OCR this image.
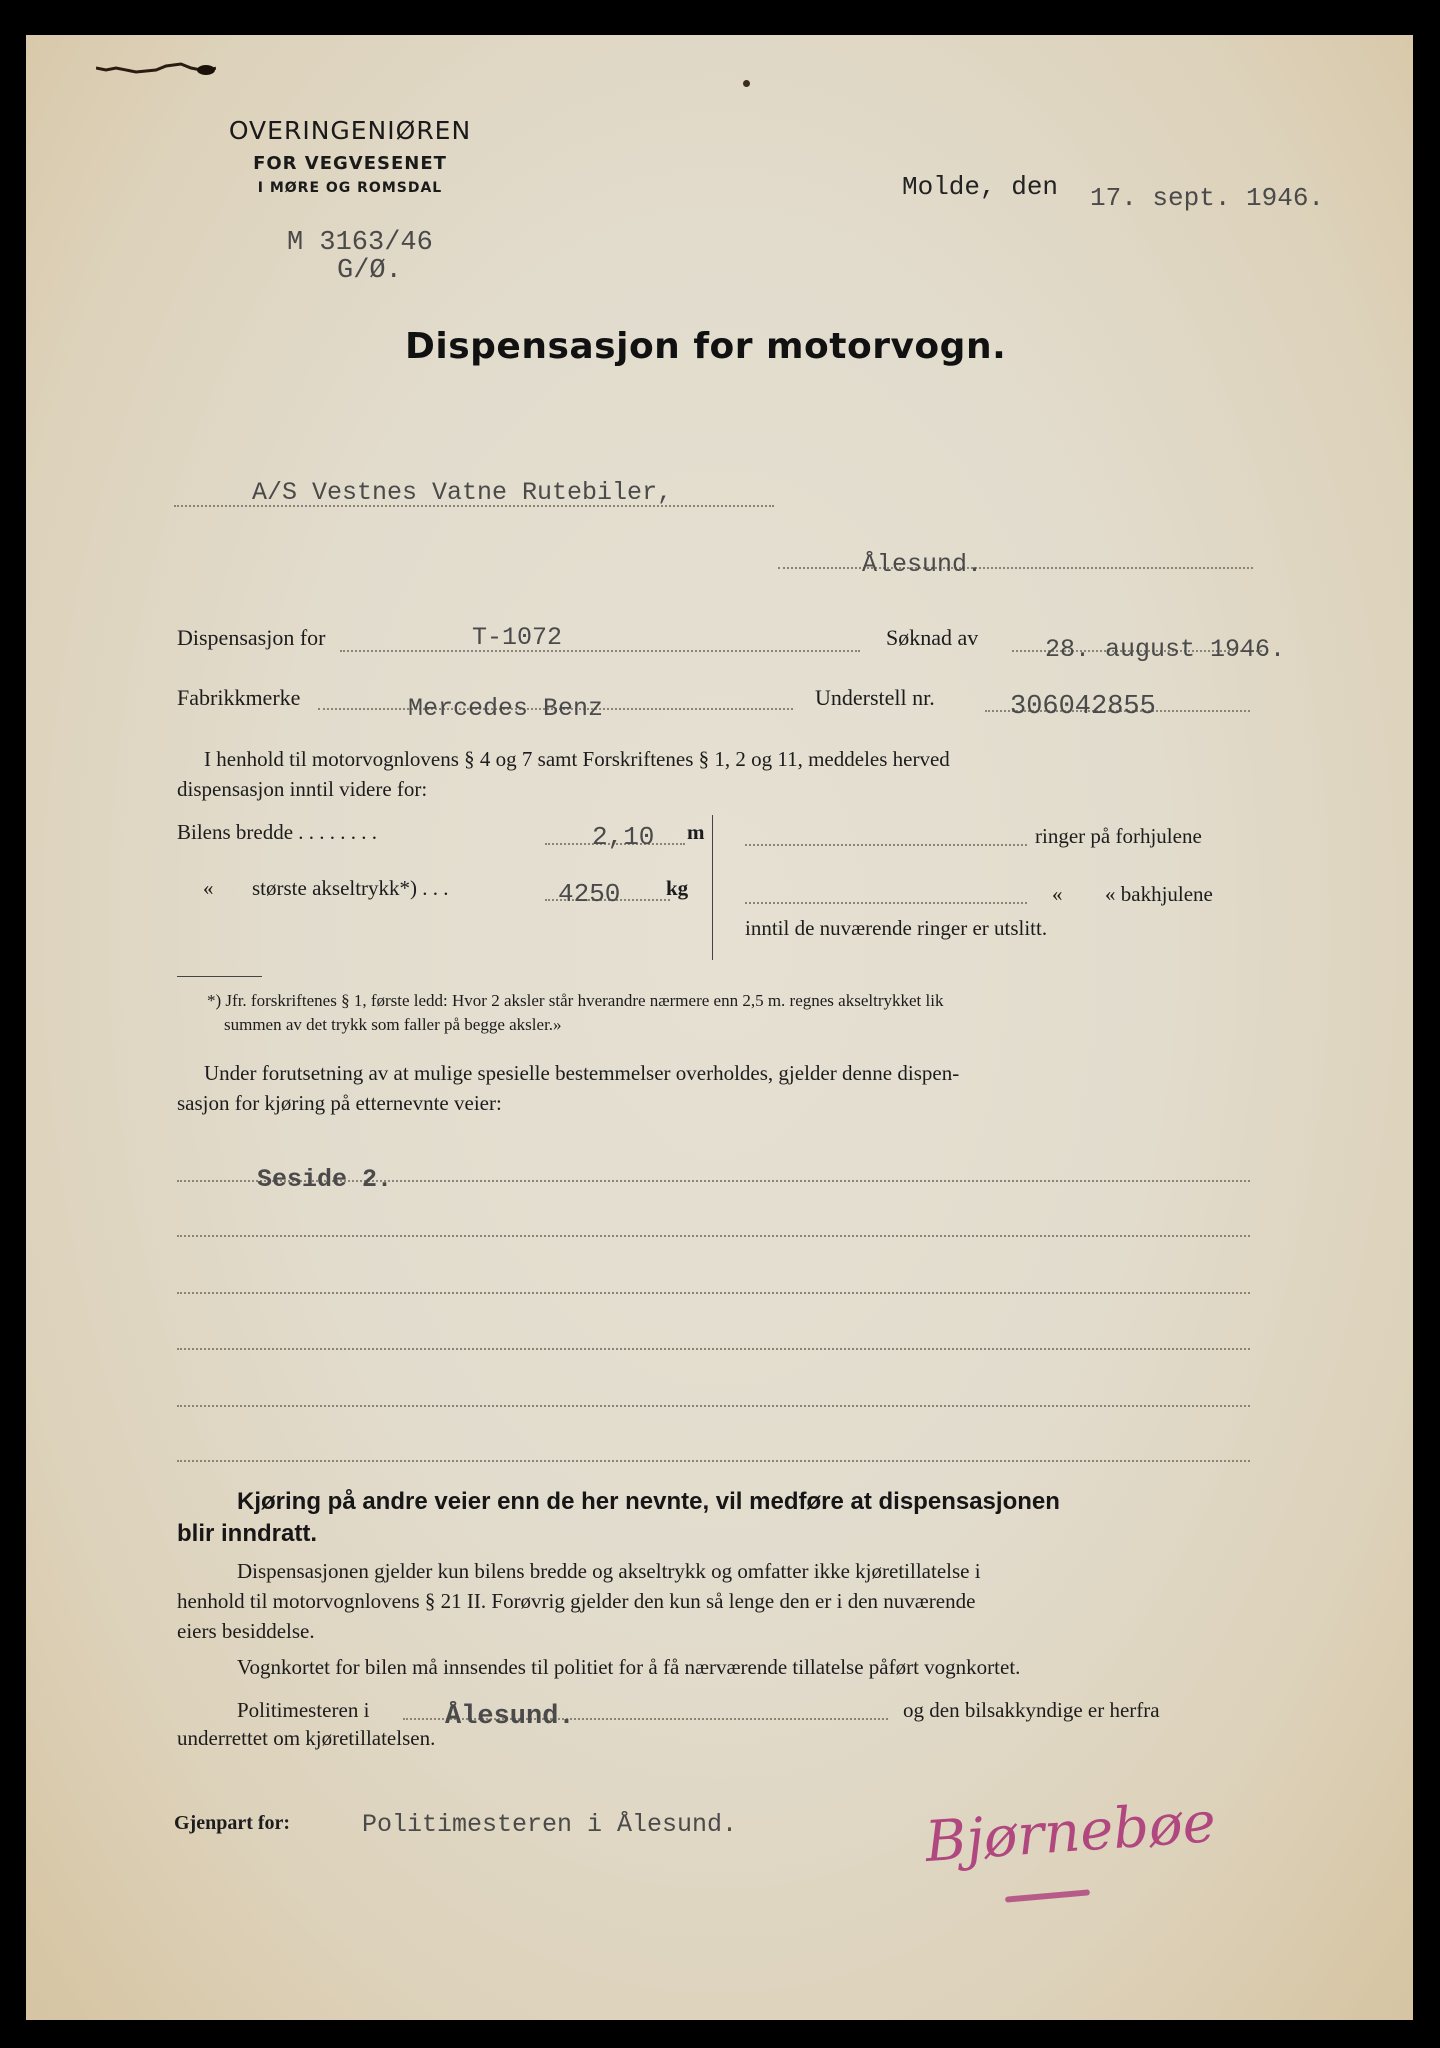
OVERINGENIØREN
FOR VEGVESENET
I MØRE OG ROMSDAL
M 3163/46
G/Ø.
Molde, den 17. sept. 1946.
Dispensasjon for motorvogn.
A/S Vestnes Vatne Rutebiler,
Ålesund.
Dispensasjon for	T-1072	Søknad av	28. august 1946.
Fabrikkmerke	Mercedes Benz	Understell nr.	306042855
I henhold til motorvognlovens § 4 og 7 samt Forskriftenes § 1, 2 og 11, meddeles herved
dispensasjon inntil videre for:
Bilens bredde . . . . . . . .	2,10 m
« største akseltrykk*) . . .	4250 kg
ringer på forhjulene
« « bakhjulene
inntil de nuværende ringer er utslitt.
*) Jfr. forskriftenes § 1, første ledd: Hvor 2 aksler står hverandre nærmere enn 2,5 m. regnes akseltrykket lik
summen av det trykk som faller på begge aksler.»
Under forutsetning av at mulige spesielle bestemmelser overholdes, gjelder denne dispen-
sasjon for kjøring på etternevnte veier:
Seside 2.
Kjøring på andre veier enn de her nevnte, vil medføre at dispensasjonen
blir inndratt.
Dispensasjonen gjelder kun bilens bredde og akseltrykk og omfatter ikke kjøretillatelse i
henhold til motorvognlovens § 21 II. Forøvrig gjelder den kun så lenge den er i den nuværende
eiers besiddelse.
Vognkortet for bilen må innsendes til politiet for å få nærværende tillatelse påført vognkortet.
Politimesteren i	Ålesund.	og den bilsakkyndige er herfra
underrettet om kjøretillatelsen.
Gjenpart for:	Politimesteren i Ålesund.	Bjørnebøe
